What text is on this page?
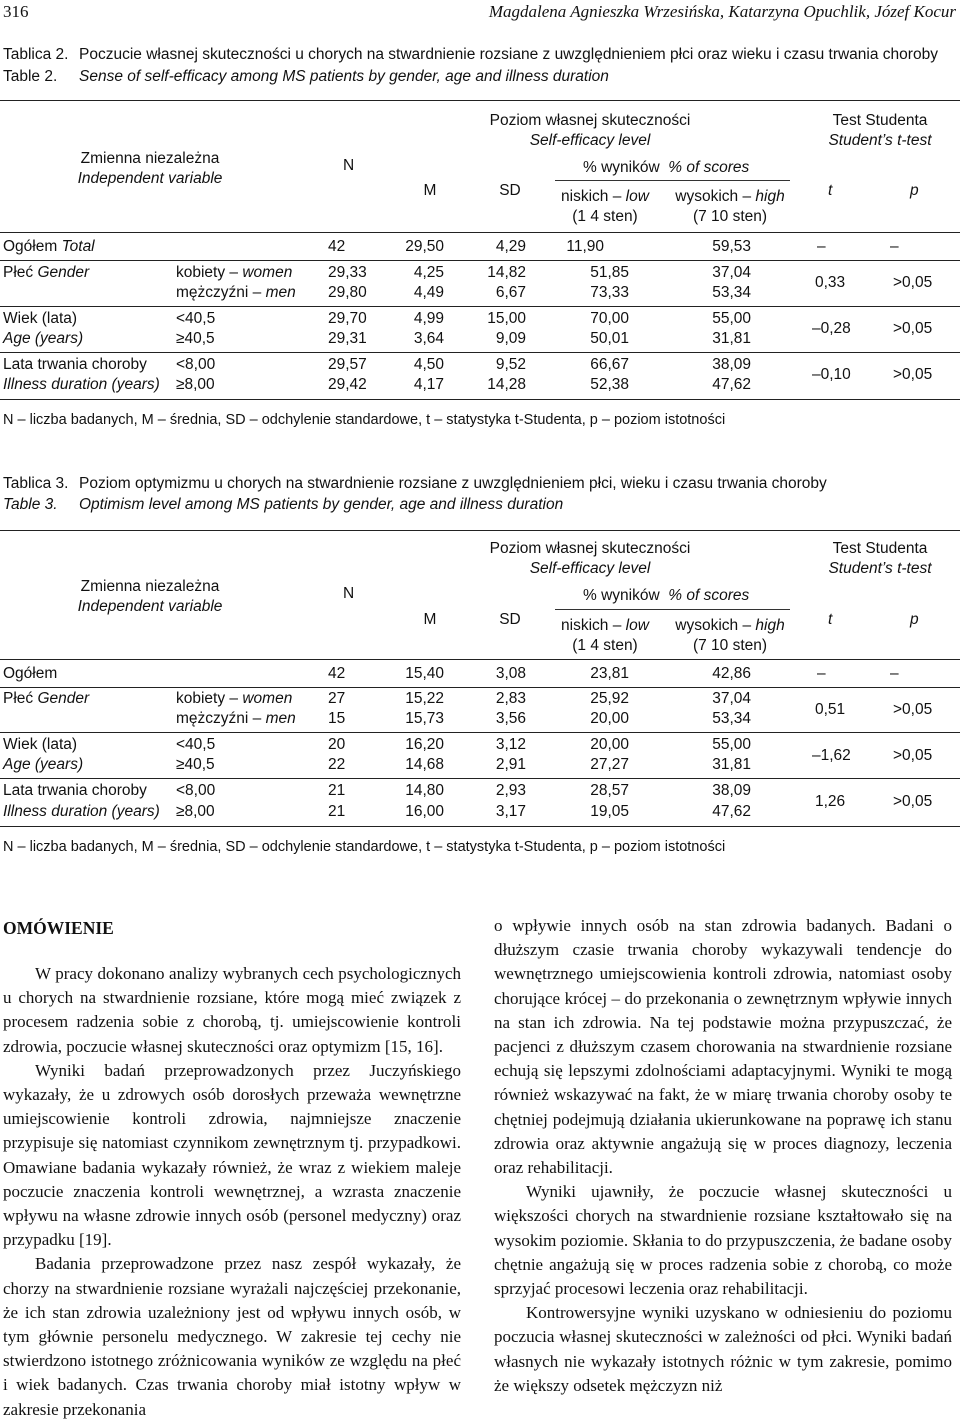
316	Magdalena Agnieszka Wrzesińska, Katarzyna Opuchlik, Józef Kocur
Tablica 2. Poczucie własnej skuteczności u chorych na stwardnienie rozsiane z uwzględnieniem płci oraz wieku i czasu trwania choroby
Table 2. Sense of self-efficacy among MS patients by gender, age and illness duration
Zmienna niezależna
Independent variable
N
Poziom własnej skuteczności
Self-efficacy level
M	SD
% wyników % of scores
niskich – low
(1 4 sten)
wysokich – high
(7 10 sten)
Test Studenta
Student’s t-test
t	p
Ogółem Total	42	29,50	4,29	11,90	59,53	–	–
Płeć Gender	kobiety – women 29,33	4,25	14,82	51,85	37,04
mężczyźni – men 29,80	4,49	6,67	73,33	53,34
0,33	>0,05
Wiek (lata)
Age (years)
<40,5	29,70	4,99	15,00	70,00	55,00
≥40,5	29,31	3,64	9,09	50,01	31,81
–0,28	>0,05
Lata trwania choroby
Illness duration (years)
<8,00	29,57	4,50	9,52	66,67	38,09
≥8,00	29,42	4,17	14,28	52,38	47,62
–0,10	>0,05
N – liczba badanych, M – średnia, SD – odchylenie standardowe, t – statystyka t-Studenta, p – poziom istotności
Tablica 3. Poziom optymizmu u chorych na stwardnienie rozsiane z uwzględnieniem płci, wieku i czasu trwania choroby
Table 3. Optimism level among MS patients by gender, age and illness duration
Zmienna niezależna
Independent variable
N
Poziom własnej skuteczności
Self-efficacy level
M	SD
% wyników % of scores
niskich – low
(1 4 sten)
wysokich – high
(7 10 sten)
Test Studenta
Student’s t-test
t	p
Ogółem	42	15,40	3,08	23,81	42,86	–	–
Płeć Gender	kobiety – women 27	15,22	2,83	25,92	37,04
mężczyźni – men 15	15,73	3,56	20,00	53,34
0,51	>0,05
Wiek (lata)
Age (years)
<40,5	20	16,20	3,12	20,00	55,00
≥40,5	22	14,68	2,91	27,27	31,81
–1,62	>0,05
Lata trwania choroby
Illness duration (years)
<8,00	21	14,80	2,93	28,57	38,09
≥8,00	21	16,00	3,17	19,05	47,62
1,26	>0,05
N – liczba badanych, M – średnia, SD – odchylenie standardowe, t – statystyka t-Studenta, p – poziom istotności
OMÓWIENIE

W pracy dokonano analizy wybranych cech psychologicznych u chorych na stwardnienie rozsiane, które mogą mieć związek z procesem radzenia sobie z chorobą, tj. umiejscowienie kontroli zdrowia, poczucie własnej skuteczności oraz optymizm [15, 16].

Wyniki badań przeprowadzonych przez Juczyńskiego wykazały, że u zdrowych osób dorosłych przeważa wewnętrzne umiejscowienie kontroli zdrowia, najmniejsze znaczenie przypisuje się natomiast czynnikom zewnętrznym tj. przypadkowi. Omawiane badania wykazały również, że wraz z wiekiem maleje poczucie znaczenia kontroli wewnętrznej, a wzrasta znaczenie wpływu na własne zdrowie innych osób (personel medyczny) oraz przypadku [19].

Badania przeprowadzone przez nasz zespół wykazały, że chorzy na stwardnienie rozsiane wyrażali najczęściej przekonanie, że ich stan zdrowia uzależniony jest od wpływu innych osób, w tym głównie personelu medycznego. W zakresie tej cechy nie stwierdzono istotnego zróżnicowania wyników ze względu na płeć i wiek badanych. Czas trwania choroby miał istotny wpływ w zakresie przekonania

o wpływie innych osób na stan zdrowia badanych. Badani o dłuższym czasie trwania choroby wykazywali tendencje do wewnętrznego umiejscowienia kontroli zdrowia, natomiast osoby chorujące krócej – do przekonania o zewnętrznym wpływie innych na stan ich zdrowia. Na tej podstawie można przypuszczać, że pacjenci z dłuższym czasem chorowania na stwardnienie rozsiane echują się lepszymi zdolnościami adaptacyjnymi. Wyniki te mogą również wskazywać na fakt, że w miarę trwania choroby osoby te chętniej podejmują działania ukierunkowane na poprawę ich stanu zdrowia oraz aktywnie angażują się w proces diagnozy, leczenia oraz rehabilitacji.

Wyniki ujawniły, że poczucie własnej skuteczności u większości chorych na stwardnienie rozsiane kształtowało się na wysokim poziomie. Skłania to do przypuszczenia, że badane osoby chętnie angażują się w proces radzenia sobie z chorobą, co może sprzyjać procesowi leczenia oraz rehabilitacji.

Kontrowersyjne wyniki uzyskano w odniesieniu do poziomu poczucia własnej skuteczności w zależności od płci. Wyniki badań własnych nie wykazały istotnych różnic w tym zakresie, pomimo że większy odsetek mężczyzn niż
